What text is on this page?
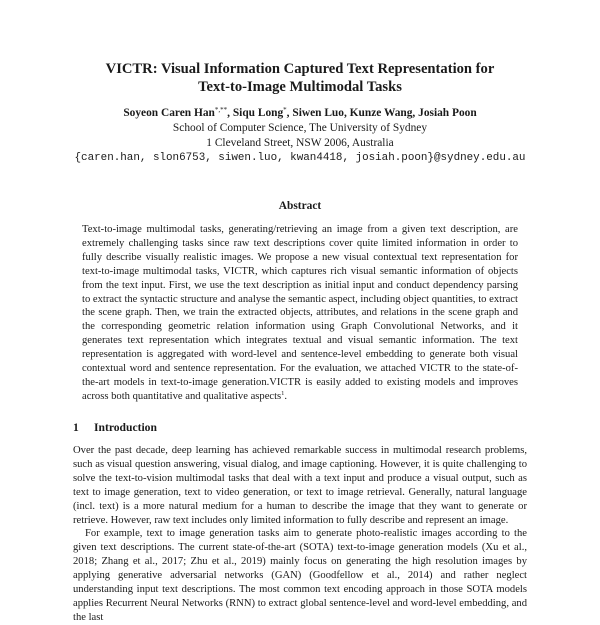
VICTR: Visual Information Captured Text Representation for
Text-to-Image Multimodal Tasks
Soyeon Caren Han*,**, Siqu Long*, Siwen Luo, Kunze Wang, Josiah Poon
School of Computer Science, The University of Sydney
1 Cleveland Street, NSW 2006, Australia
{caren.han, slon6753, siwen.luo, kwan4418, josiah.poon}@sydney.edu.au
Abstract

Text-to-image multimodal tasks, generating/retrieving an image from a given text description, are extremely challenging tasks since raw text descriptions cover quite limited information in order to fully describe visually realistic images. We propose a new visual contextual text representation for text-to-image multimodal tasks, VICTR, which captures rich visual semantic information of objects from the text input. First, we use the text description as initial input and conduct dependency parsing to extract the syntactic structure and analyse the semantic aspect, including object quantities, to extract the scene graph. Then, we train the extracted objects, attributes, and relations in the scene graph and the corresponding geometric relation information using Graph Convolutional Networks, and it generates text representation which integrates textual and visual semantic information. The text representation is aggregated with word-level and sentence-level embedding to generate both visual contextual word and sentence representation. For the evaluation, we attached VICTR to the state-of-the-art models in text-to-image generation.VICTR is easily added to existing models and improves across both quantitative and qualitative aspects$^1$.

1 Introduction

Over the past decade, deep learning has achieved remarkable success in multimodal research problems, such as visual question answering, visual dialog, and image captioning. However, it is quite challenging to solve the text-to-vision multimodal tasks that deal with a text input and produce a visual output, such as text to image generation, text to video generation, or text to image retrieval. Generally, natural language (incl. text) is a more natural medium for a human to describe the image that they want to generate or retrieve. However, raw text includes only limited information to fully describe and represent an image.

For example, text to image generation tasks aim to generate photo-realistic images according to the given text descriptions. The current state-of-the-art (SOTA) text-to-image generation models (Xu et al., 2018; Zhang et al., 2017; Zhu et al., 2019) mainly focus on generating the high resolution images by applying generative adversarial networks (GAN) (Goodfellow et al., 2014) and rather neglect understanding input text descriptions. The most common text encoding approach in those SOTA models applies Recurrent Neural Networks (RNN) to extract global sentence-level and word-level embedding, and the last
